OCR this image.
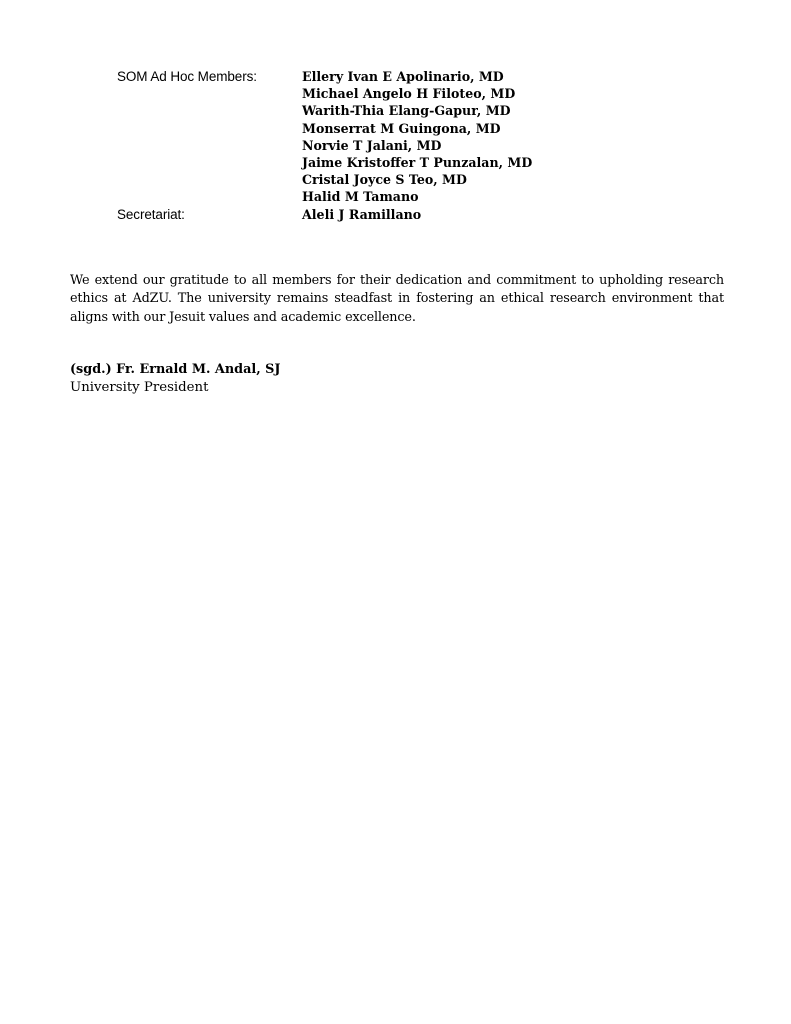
SOM Ad Hoc Members:	Ellery Ivan E Apolinario, MD
Michael Angelo H Filoteo, MD
Warith-Thia Elang-Gapur, MD
Monserrat M Guingona, MD
Norvie T Jalani, MD
Jaime Kristoffer T Punzalan, MD
Cristal Joyce S Teo, MD
Halid M Tamano
Secretariat:	Aleli J Ramillano

We extend our gratitude to all members for their dedication and commitment to upholding research ethics at AdZU. The university remains steadfast in fostering an ethical research environment that aligns with our Jesuit values and academic excellence.

(sgd.) Fr. Ernald M. Andal, SJ
University President
